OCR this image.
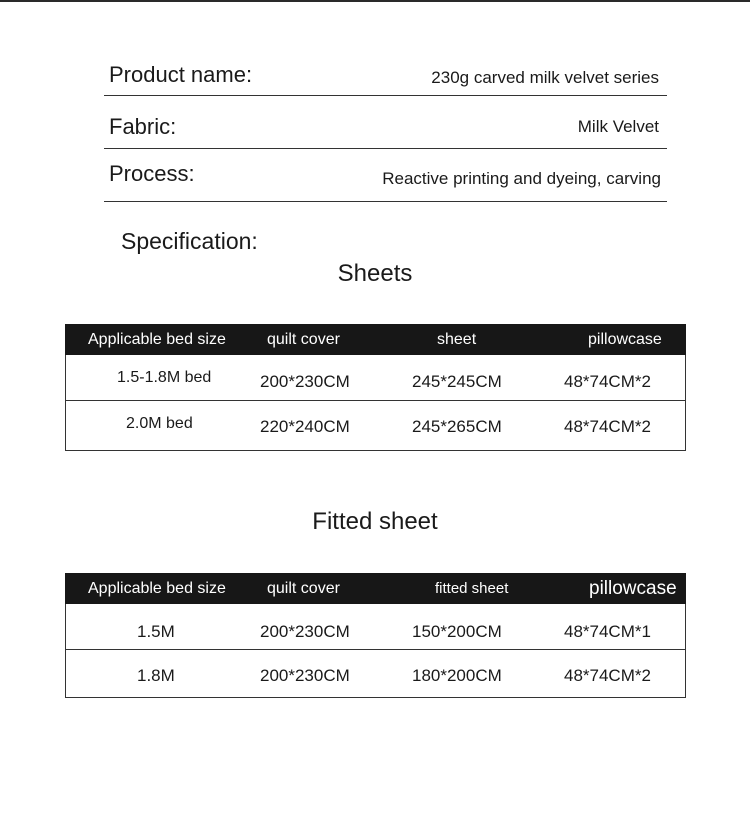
Product name:	230g carved milk velvet series
Fabric:	Milk Velvet
Process:	Reactive printing and dyeing, carving
Specification:
Sheets
Applicable bed size	quilt cover	sheet	pillowcase
1.5-1.8M bed	200*230CM	245*245CM	48*74CM*2
2.0M bed	220*240CM	245*265CM	48*74CM*2
Fitted sheet
Applicable bed size	quilt cover	fitted sheet	pillowcase
1.5M	200*230CM	150*200CM	48*74CM*1
1.8M	200*230CM	180*200CM	48*74CM*2
